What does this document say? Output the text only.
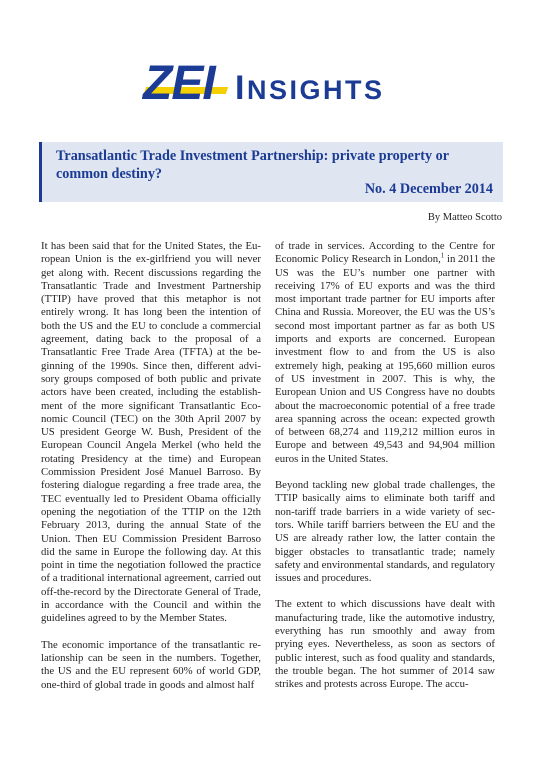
ZEI INSIGHTS
Transatlantic Trade Investment Partnership: private property or common destiny?
No. 4 December 2014
By Matteo Scotto

It has been said that for the United States, the European Union is the ex-girlfriend you will never get along with. Recent discussions regarding the Transatlantic Trade and Investment Partnership (TTIP) have proved that this metaphor is not entirely wrong. It has long been the intention of both the US and the EU to conclude a commercial agreement, dating back to the proposal of a Transatlantic Free Trade Area (TFTA) at the beginning of the 1990s. Since then, different advisory groups composed of both public and private actors have been created, including the establishment of the more significant Transatlantic Economic Council (TEC) on the 30th April 2007 by US president George W. Bush, President of the European Council Angela Merkel (who held the rotating Presidency at the time) and European Commission President José Manuel Barroso. By fostering dialogue regarding a free trade area, the TEC eventually led to President Obama officially opening the negotiation of the TTIP on the 12th February 2013, during the annual State of the Union. Then EU Commission President Barroso did the same in Europe the following day. At this point in time the negotiation followed the practice of a traditional international agreement, carried out off-the-record by the Directorate General of Trade, in accordance with the Council and within the guidelines agreed to by the Member States.

The economic importance of the transatlantic relationship can be seen in the numbers. Together, the US and the EU represent 60% of world GDP, one-third of global trade in goods and almost half

of trade in services. According to the Centre for Economic Policy Research in London,$^1$ in 2011 the US was the EU’s number one partner with receiving 17% of EU exports and was the third most important trade partner for EU imports after China and Russia. Moreover, the EU was the US’s second most important partner as far as both US imports and exports are concerned. European investment flow to and from the US is also extremely high, peaking at 195,660 million euros of US investment in 2007. This is why, the European Union and US Congress have no doubts about the macroeconomic potential of a free trade area spanning across the ocean: expected growth of between 68,274 and 119,212 million euros in Europe and between 49,543 and 94,904 million euros in the United States.

Beyond tackling new global trade challenges, the TTIP basically aims to eliminate both tariff and non-tariff trade barriers in a wide variety of sectors. While tariff barriers between the EU and the US are already rather low, the latter contain the bigger obstacles to transatlantic trade; namely safety and environmental standards, and regulatory issues and procedures.

The extent to which discussions have dealt with manufacturing trade, like the automotive industry, everything has run smoothly and away from prying eyes. Nevertheless, as soon as sectors of public interest, such as food quality and standards, the trouble began. The hot summer of 2014 saw strikes and protests across Europe. The accu-
